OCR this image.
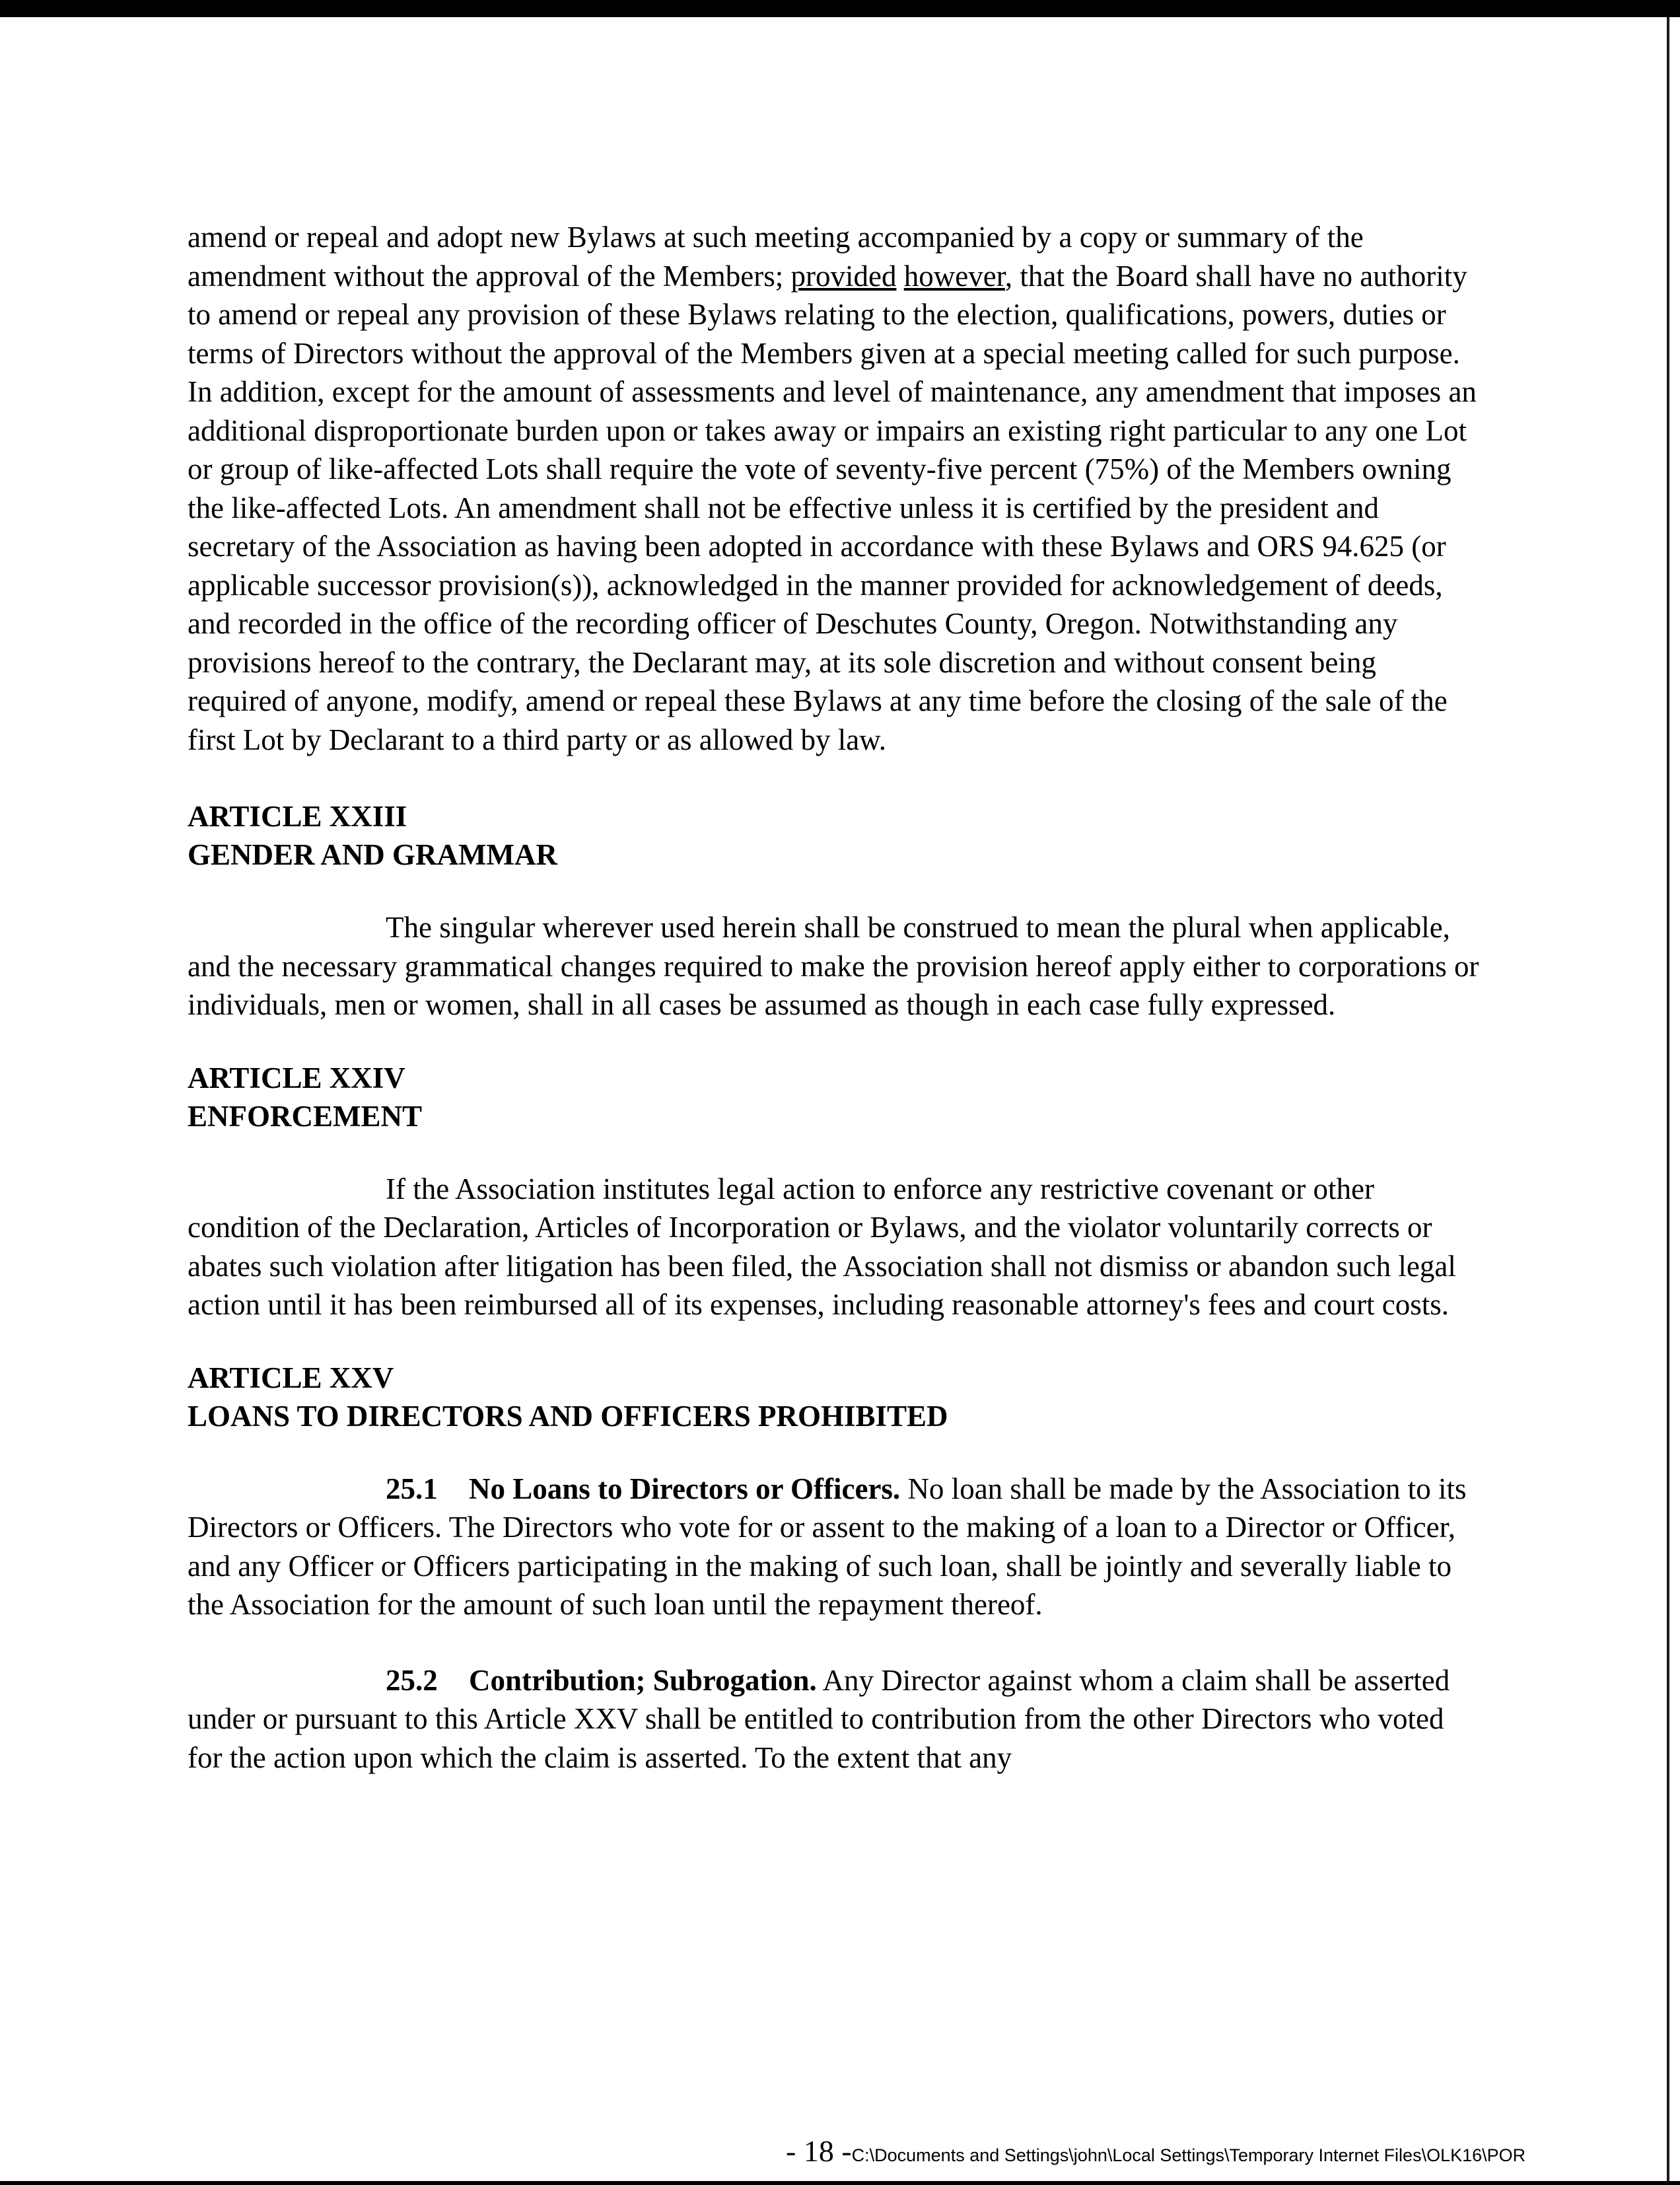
amend or repeal and adopt new Bylaws at such meeting accompanied by a copy or summary of the amendment without the approval of the Members; provided however, that the Board shall have no authority to amend or repeal any provision of these Bylaws relating to the election, qualifications, powers, duties or terms of Directors without the approval of the Members given at a special meeting called for such purpose. In addition, except for the amount of assessments and level of maintenance, any amendment that imposes an additional disproportionate burden upon or takes away or impairs an existing right particular to any one Lot or group of like-affected Lots shall require the vote of seventy-five percent (75%) of the Members owning the like-affected Lots. An amendment shall not be effective unless it is certified by the president and secretary of the Association as having been adopted in accordance with these Bylaws and ORS 94.625 (or applicable successor provision(s)), acknowledged in the manner provided for acknowledgement of deeds, and recorded in the office of the recording officer of Deschutes County, Oregon. Notwithstanding any provisions hereof to the contrary, the Declarant may, at its sole discretion and without consent being required of anyone, modify, amend or repeal these Bylaws at any time before the closing of the sale of the first Lot by Declarant to a third party or as allowed by law.

ARTICLE XXIII

GENDER AND GRAMMAR

The singular wherever used herein shall be construed to mean the plural when applicable, and the necessary grammatical changes required to make the provision hereof apply either to corporations or individuals, men or women, shall in all cases be assumed as though in each case fully expressed.

ARTICLE XXIV

ENFORCEMENT

If the Association institutes legal action to enforce any restrictive covenant or other condition of the Declaration, Articles of Incorporation or Bylaws, and the violator voluntarily corrects or abates such violation after litigation has been filed, the Association shall not dismiss or abandon such legal action until it has been reimbursed all of its expenses, including reasonable attorney's fees and court costs.

ARTICLE XXV

LOANS TO DIRECTORS AND OFFICERS PROHIBITED

25.1 No Loans to Directors or Officers. No loan shall be made by the Association to its Directors or Officers. The Directors who vote for or assent to the making of a loan to a Director or Officer, and any Officer or Officers participating in the making of such loan, shall be jointly and severally liable to the Association for the amount of such loan until the repayment thereof.

25.2 Contribution; Subrogation. Any Director against whom a claim shall be asserted under or pursuant to this Article XXV shall be entitled to contribution from the other Directors who voted for the action upon which the claim is asserted. To the extent that any

- 18 -C:\Documents and Settings\john\Local Settings\Temporary Internet Files\OLK16\POR
